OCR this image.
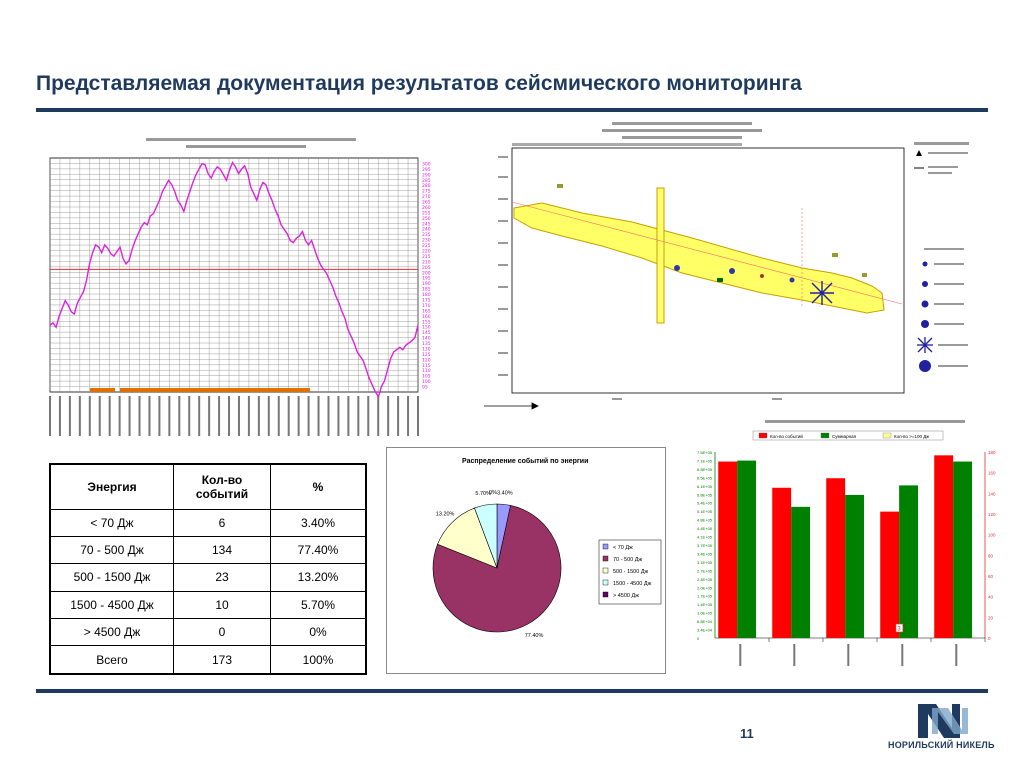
Представляемая документация результатов сейсмического мониторинга
95
100
105
110
115
120
125
130
135
140
145
150
155
160
165
170
175
180
185
190
195
200
205
210
215
220
225
230
235
240
245
250
255
260
265
270
275
280
285
290
295
300
Энергия	Кол-во событий	%
< 70 Дж	6	3.40%
70 - 500 Дж	134	77.40%
500 - 1500 Дж	23	13.20%
1500 - 4500 Дж	10	5.70%
> 4500 Дж	0	0%
Всего	173	100%
Распределение событий по энергии
3.40%
77.40%
13.20%
5.70%
0%
< 70 Дж
70 - 500 Дж
500 - 1500 Дж
1500 - 4500 Дж
> 4500 Дж
Кол-во событий	Суммарная	Кол-во >=100 Дж
0
3.4E+04
6.8E+04
1.0E+05
1.4E+05
1.7E+05
2.0E+05
2.4E+05
2.7E+05
3.1E+05
3.4E+05
3.7E+05
4.1E+05
4.4E+05
4.8E+05
5.1E+05
5.4E+05
5.8E+05
6.1E+05
6.5E+05
6.8E+05
7.1E+05
7.5E+05
0
20
40
60
80
100
120
140
160
180
3
11
НОРИЛЬСКИЙ НИКЕЛЬ
